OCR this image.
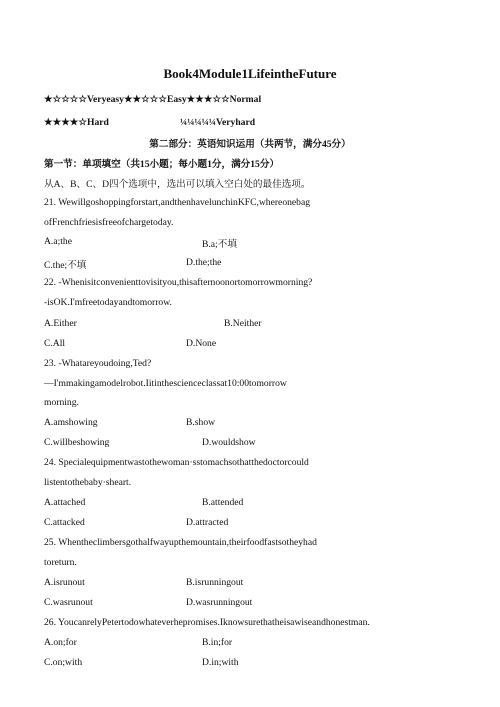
Book4Module1LifeintheFuture
★☆☆☆☆Veryeasy★★☆☆☆Easy★★★☆☆Normal
★★★★☆Hard	¼¼¼¼¼Veryhard
第二部分：英语知识运用（共两节，满分45分）
第一节：单项填空（共15小题；每小题1分，满分15分）
从A、B、C、D四个选项中，选出可以填入空白处的最佳选项。
21. Wewillgoshoppingforstart,andthenhavelunchinKFC,whereonebag
ofFrenchfriesisfreeofchargetoday.
A.a;the	B.a;不填
C.the;不填	D.the;the
22. -Whenisitconvenienttovisityou,thisafternoonortomorrowmorning?
-isOK.I'mfreetodayandtomorrow.
A.Either	B.Neither
C.All	D.None
23. -Whatareyoudoing,Ted?
—I'mmakingamodelrobot.Iitinthescienceclassat10:00tomorrow
morning.
A.amshowing	B.show
C.willbeshowing	D.wouldshow
24. Specialequipmentwastothewoman·sstomachsothatthedoctorcould
listentothebaby·sheart.
A.attached	B.attended
C.attacked	D.attracted
25. Whentheclimbersgothalfwayupthemountain,theirfoodfastsotheyhad
toreturn.
A.isrunout	B.isrunningout
C.wasrunout	D.wasrunningout
26. YoucanrelyPetertodowhateverhepromises.Iknowsurethatheisawiseandhonestman.
A.on;for	B.in;for
C.on;with	D.in;with
